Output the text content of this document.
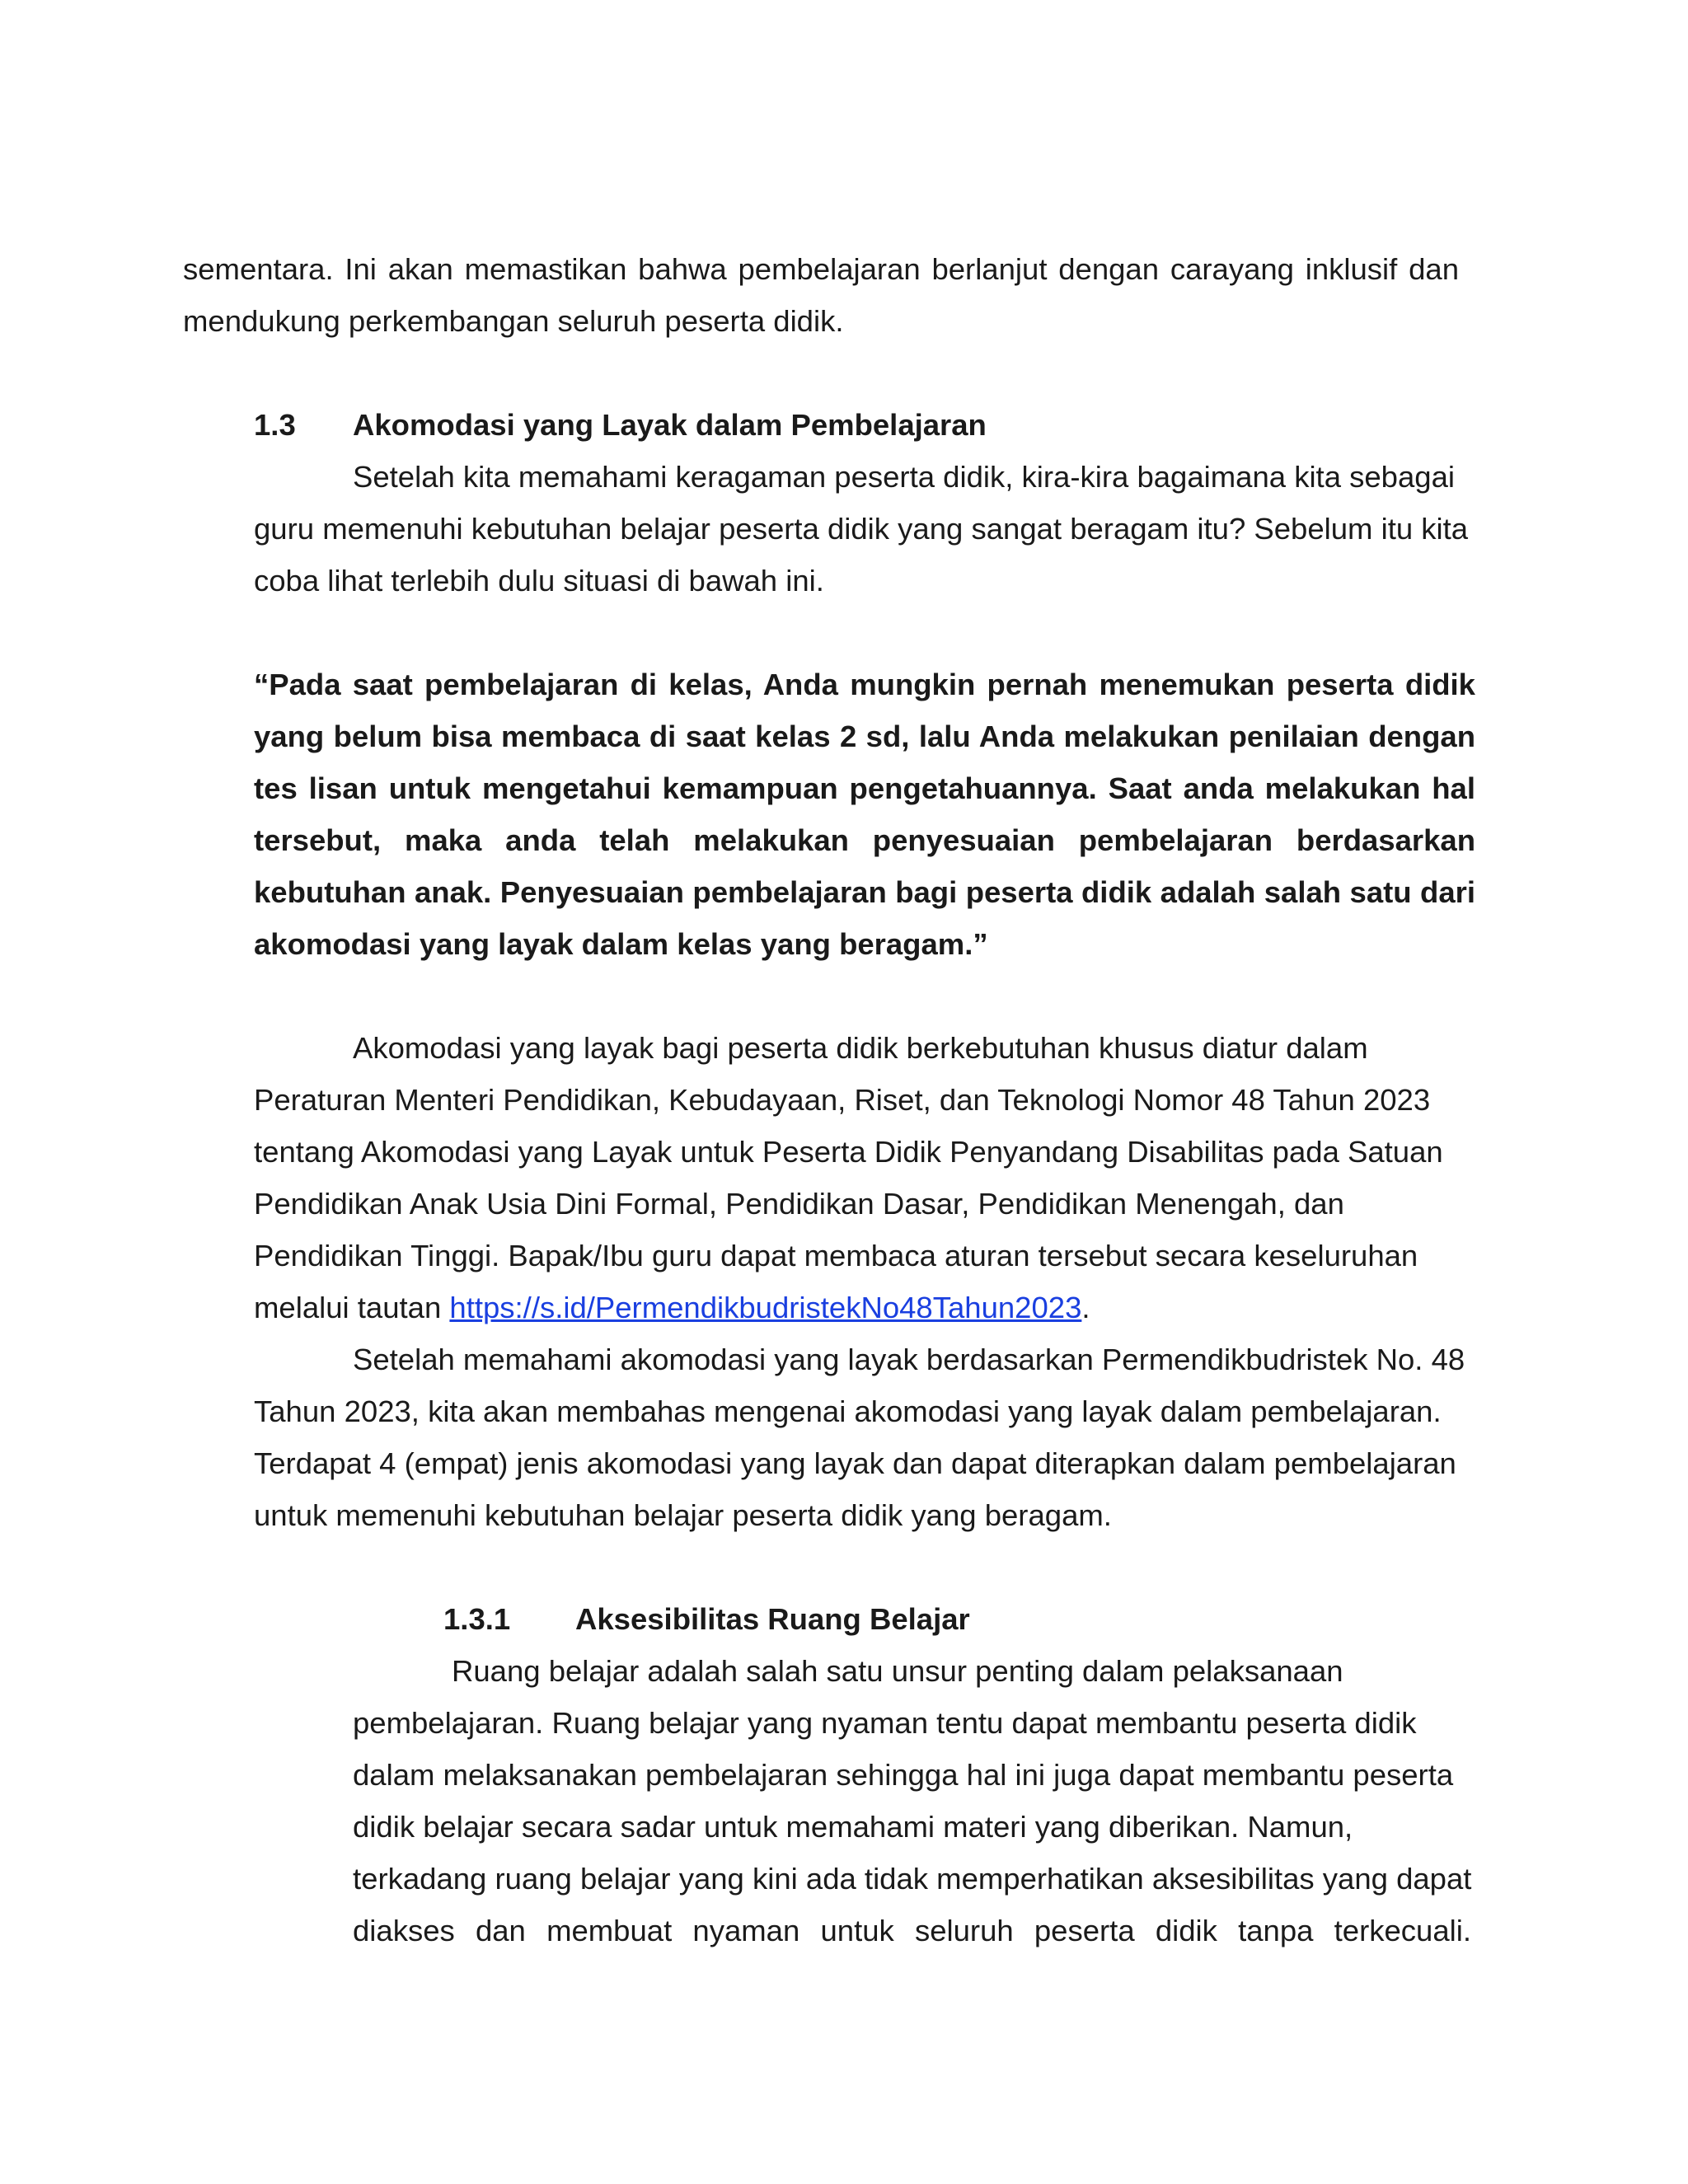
sementara. Ini akan memastikan bahwa pembelajaran berlanjut dengan carayang inklusif dan
mendukung perkembangan seluruh peserta didik.
1.3 Akomodasi yang Layak dalam Pembelajaran
Setelah kita memahami keragaman peserta didik, kira-kira bagaimana kita sebagai
guru memenuhi kebutuhan belajar peserta didik yang sangat beragam itu? Sebelum itu kita
coba lihat terlebih dulu situasi di bawah ini.
“Pada saat pembelajaran di kelas, Anda mungkin pernah menemukan peserta didik
yang belum bisa membaca di saat kelas 2 sd, lalu Anda melakukan penilaian dengan
tes lisan untuk mengetahui kemampuan pengetahuannya. Saat anda melakukan hal
tersebut, maka anda telah melakukan penyesuaian pembelajaran berdasarkan
kebutuhan anak. Penyesuaian pembelajaran bagi peserta didik adalah salah satu dari
akomodasi yang layak dalam kelas yang beragam.”
Akomodasi yang layak bagi peserta didik berkebutuhan khusus diatur dalam
Peraturan Menteri Pendidikan, Kebudayaan, Riset, dan Teknologi Nomor 48 Tahun 2023
tentang Akomodasi yang Layak untuk Peserta Didik Penyandang Disabilitas pada Satuan
Pendidikan Anak Usia Dini Formal, Pendidikan Dasar, Pendidikan Menengah, dan
Pendidikan Tinggi. Bapak/Ibu guru dapat membaca aturan tersebut secara keseluruhan
melalui tautan https://s.id/PermendikbudristekNo48Tahun2023.
Setelah memahami akomodasi yang layak berdasarkan Permendikbudristek No. 48
Tahun 2023, kita akan membahas mengenai akomodasi yang layak dalam pembelajaran.
Terdapat 4 (empat) jenis akomodasi yang layak dan dapat diterapkan dalam pembelajaran
untuk memenuhi kebutuhan belajar peserta didik yang beragam.
1.3.1 Aksesibilitas Ruang Belajar
Ruang belajar adalah salah satu unsur penting dalam pelaksanaan
pembelajaran. Ruang belajar yang nyaman tentu dapat membantu peserta didik
dalam melaksanakan pembelajaran sehingga hal ini juga dapat membantu peserta
didik belajar secara sadar untuk memahami materi yang diberikan. Namun,
terkadang ruang belajar yang kini ada tidak memperhatikan aksesibilitas yang dapat
diakses dan membuat nyaman untuk seluruh peserta didik tanpa terkecuali.
